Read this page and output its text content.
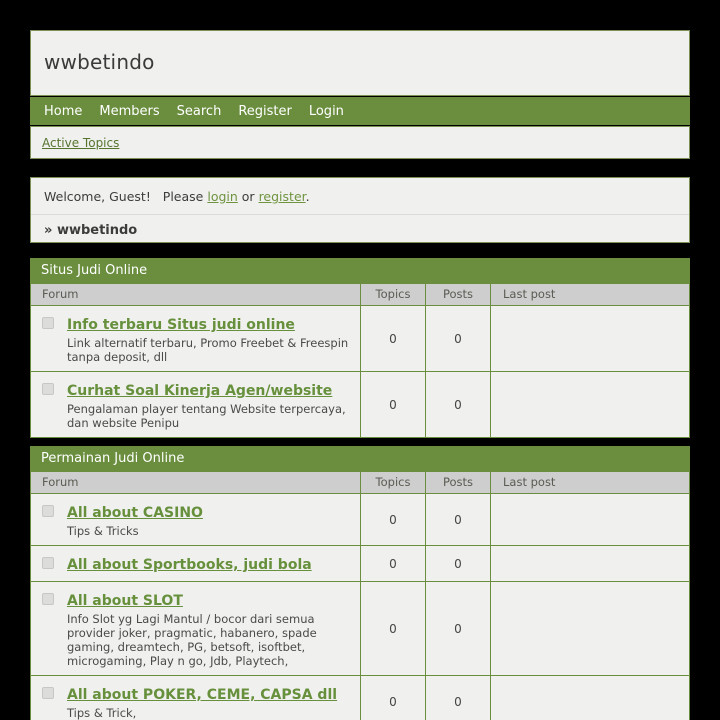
wwbetindo
Home Members Search Register Login
Active Topics
Welcome, Guest! Please login or register.
» wwbetindo
Situs Judi Online
Forum	Topics	Posts	Last post
Info terbaru Situs judi online
Link alternatif terbaru, Promo Freebet & Freespin tanpa deposit, dll
0	0
Curhat Soal Kinerja Agen/website
Pengalaman player tentang Website terpercaya, dan website Penipu
0	0
Permainan Judi Online
Forum	Topics	Posts	Last post
All about CASINO
Tips & Tricks
0	0
All about Sportbooks, judi bola	0	0
All about SLOT
Info Slot yg Lagi Mantul / bocor dari semua provider joker, pragmatic, habanero, spade gaming, dreamtech, PG, betsoft, isoftbet, microgaming, Play n go, Jdb, Playtech,
0	0
All about POKER, CEME, CAPSA dll
Tips & Trick,
0	0
